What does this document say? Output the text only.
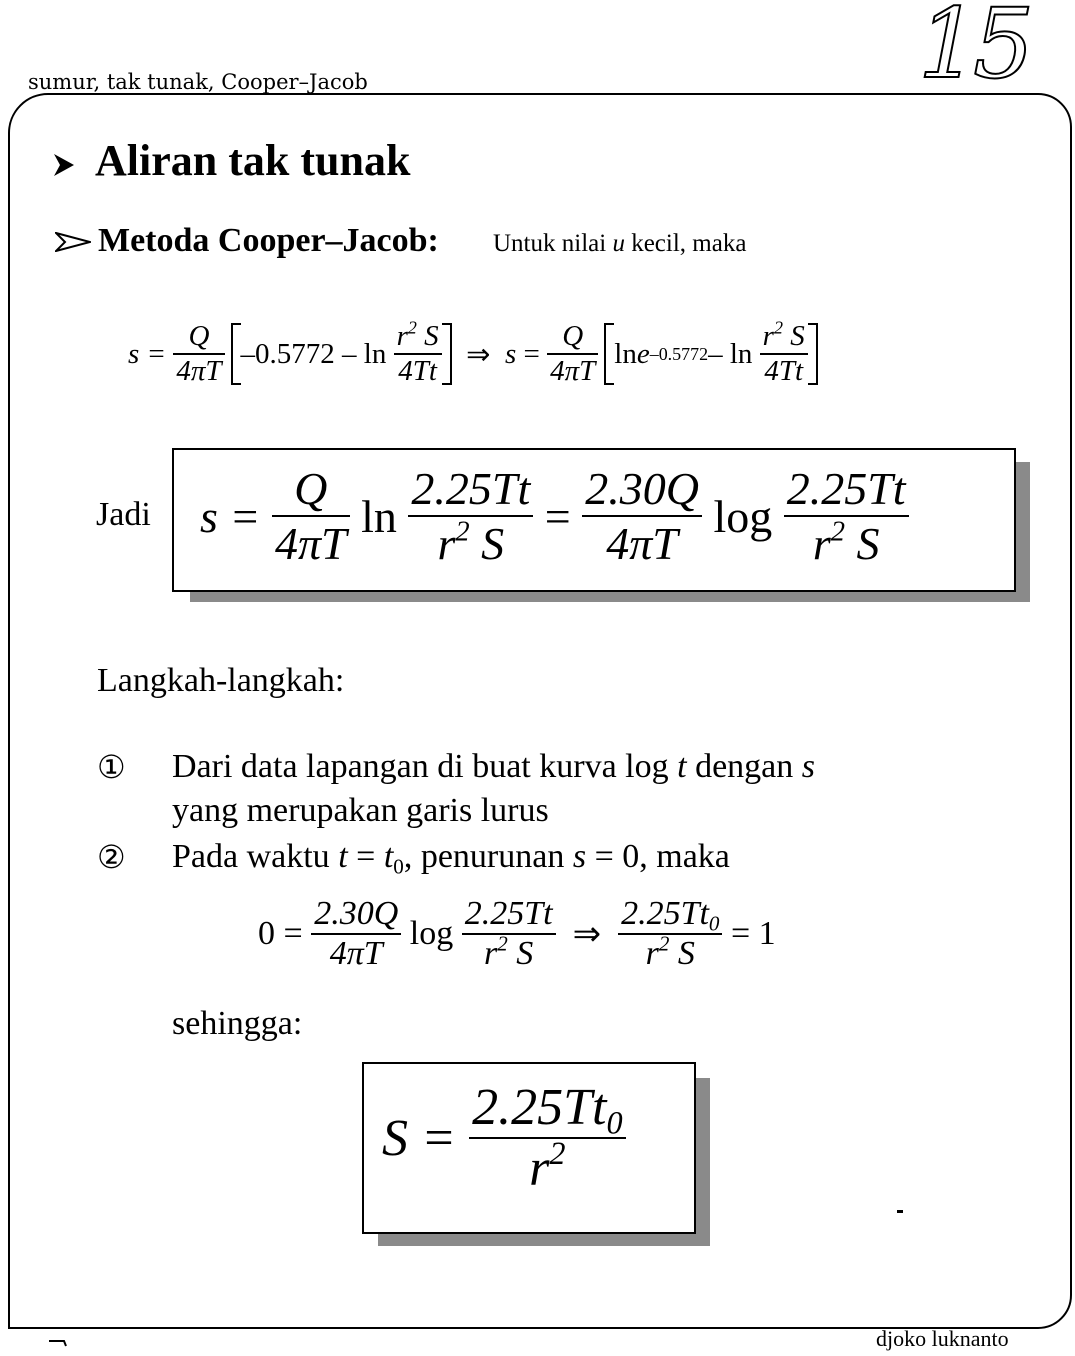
sumur, tak tunak, Cooper–Jacob	15
Aliran tak tunak
Metoda Cooper–Jacob: Untuk nilai u kecil, maka
s =
$\frac{Q}{4\pi T} -0.5772$ – ln
$\frac{r^2 S}{4Tt}$
⇒
$s = \frac{Q}{4\pi T}$ ln e –0.5772 – ln
$\frac{r^2 S}{4Tt}$
Jadi s =
$\frac{Q}{4\pi T}$
ln
$\frac{2.25Tt}{r^2 S}$
=
$\frac{2.30Q}{4\pi T}$
log
$\frac{2.25Tt}{r^2 S}$
Langkah-langkah:
① Dari data lapangan di buat kurva log t dengan s
yang merupakan garis lurus
② Pada waktu $t = t_0$, penurunan s = 0, maka
0 =
$\frac{2.30Q}{4\pi T}$
log
$\frac{2.25Tt}{r^2 S}$
⇒
$\frac{2.25Tt_0}{r^2 S}$
= 1
sehingga:
S =
$\frac{2.25Tt_0}{r^2}$
djoko luknanto
